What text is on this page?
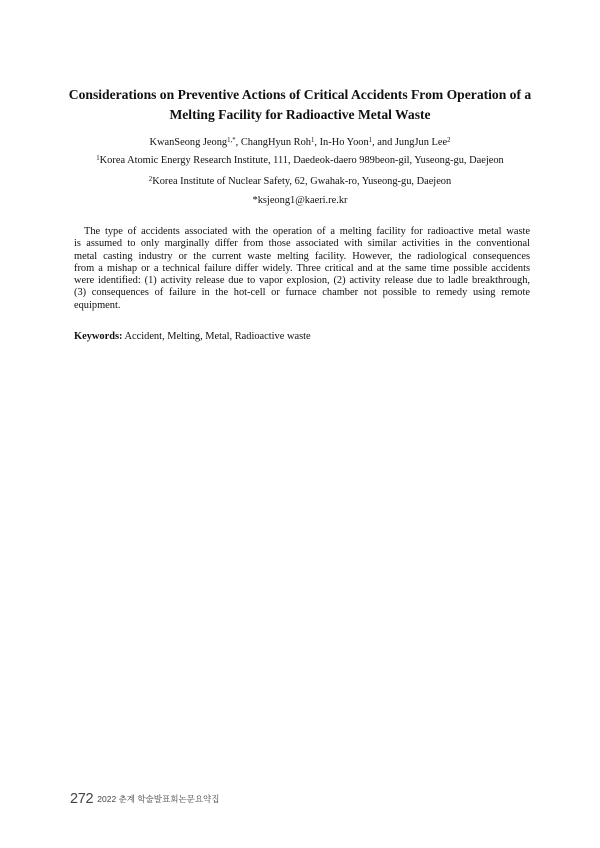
Considerations on Preventive Actions of Critical Accidents From Operation of a
Melting Facility for Radioactive Metal Waste
KwanSeong Jeong$^{1,*}$, ChangHyun Roh$^1$, In-Ho Yoon$^1$, and JungJun Lee$^2$
$^1$Korea Atomic Energy Research Institute, 111, Daedeok-daero 989beon-gil, Yuseong-gu, Daejeon
$^2$Korea Institute of Nuclear Safety, 62, Gwahak-ro, Yuseong-gu, Daejeon
*ksjeong1@kaeri.re.kr
The type of accidents associated with the operation of a melting facility for radioactive metal waste
is assumed to only marginally differ from those associated with similar activities in the conventional
metal casting industry or the current waste melting facility. However, the radiological consequences
from a mishap or a technical failure differ widely. Three critical and at the same time possible accidents
were identified: (1) activity release due to vapor explosion, (2) activity release due to ladle breakthrough,
(3) consequences of failure in the hot-cell or furnace chamber not possible to remedy using remote
equipment.
Keywords: Accident, Melting, Metal, Radioactive waste
272 2022 춘계 학술발표회논문요약집
